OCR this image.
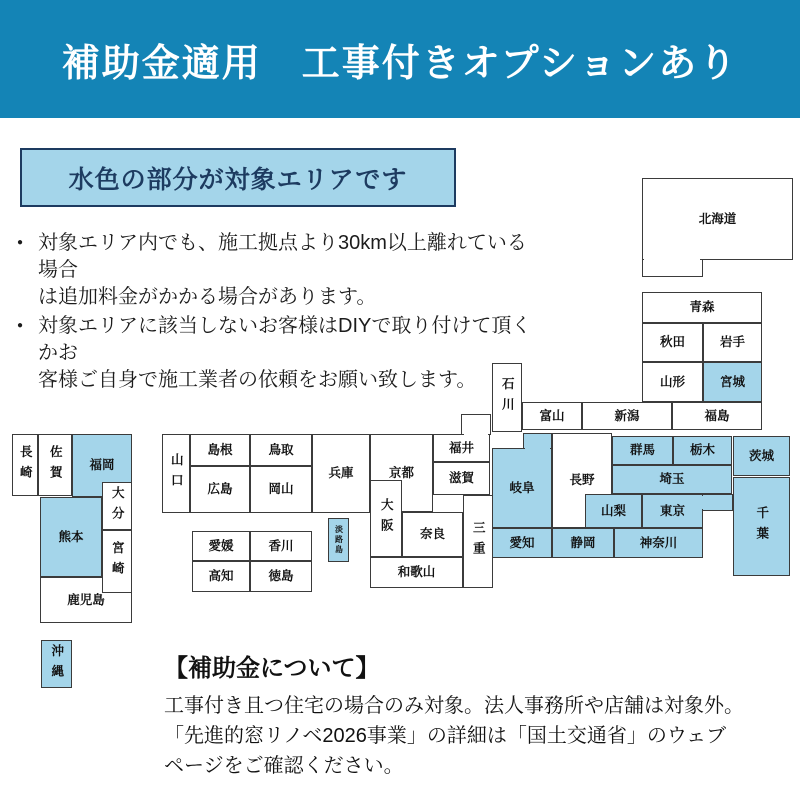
補助金適用　工事付きオプションあり
水色の部分が対象エリアです
● 対象エリア内でも、施工拠点より30km以上離れている場合
は追加料金がかかる場合があります。
● 対象エリアに該当しないお客様はDIYで取り付けて頂くかお
客様ご自身で施工業者の依頼をお願い致します。
北海道
青森
秋田	岩手
山形	宮城
福島
新潟
富山
石川
福井
滋賀
京都
大阪	奈良
和歌山
三重
兵庫
淡路島
山口
島根	鳥取
広島	岡山
愛媛	香川
高知	徳島
長崎	佐賀	福岡
熊本
鹿児島
大分
宮崎
沖縄
岐阜
長野
群馬	栃木	茨城
埼玉
千葉
山梨	東京
静岡	神奈川
愛知
【補助金について】
工事付き且つ住宅の場合のみ対象。法人事務所や店舗は対象外。
「先進的窓リノベ2026事業」の詳細は「国土交通省」のウェブ
ページをご確認ください。
